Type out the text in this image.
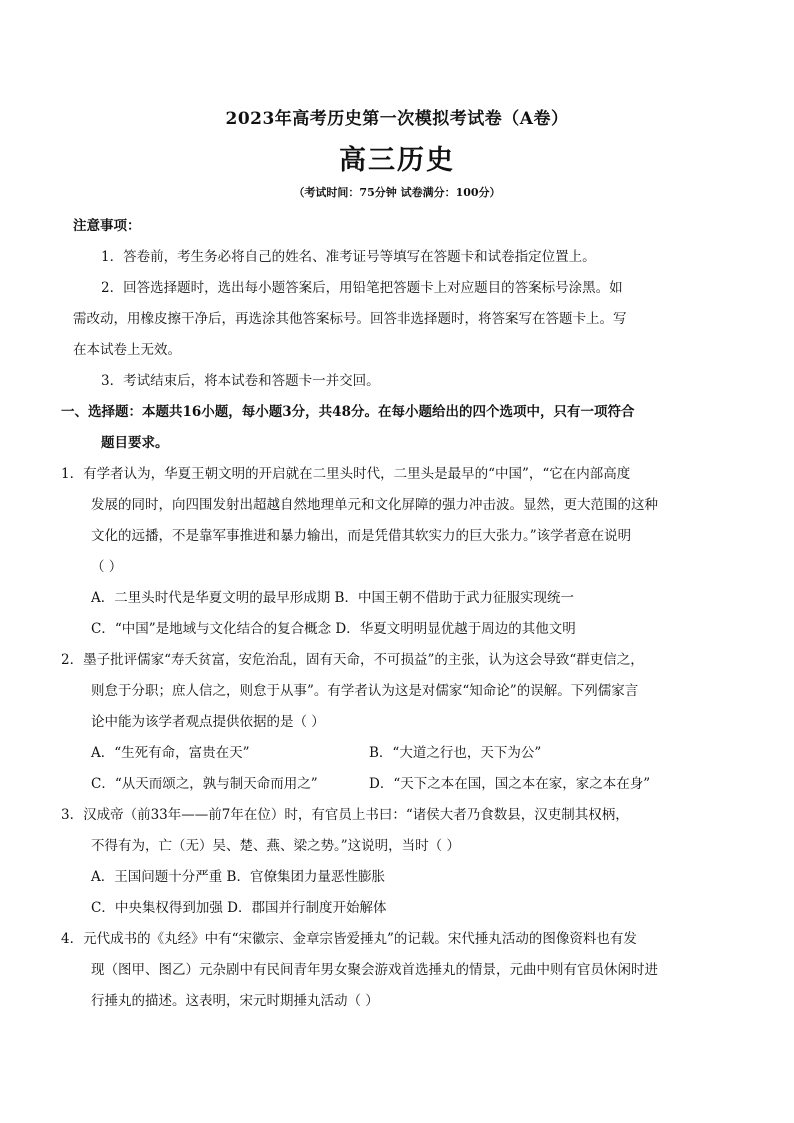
2023年高考历史第一次模拟考试卷（A卷）
高三历史
（考试时间：75分钟 试卷满分：100分）
注意事项：
1．答卷前，考生务必将自己的姓名、准考证号等填写在答题卡和试卷指定位置上。
2．回答选择题时，选出每小题答案后，用铅笔把答题卡上对应题目的答案标号涂黑。如
需改动，用橡皮擦干净后，再选涂其他答案标号。回答非选择题时，将答案写在答题卡上。写
在本试卷上无效。
3．考试结束后，将本试卷和答题卡一并交回。
一、选择题：本题共16小题，每小题3分，共48分。在每小题给出的四个选项中，只有一项符合
题目要求。
1．有学者认为，华夏王朝文明的开启就在二里头时代，二里头是最早的“中国”，“它在内部高度
发展的同时，向四围发射出超越自然地理单元和文化屏障的强力冲击波。显然，更大范围的这种
文化的远播，不是靠军事推进和暴力输出，而是凭借其软实力的巨大张力。”该学者意在说明
（ ）
A．二里头时代是华夏文明的最早形成期 B．中国王朝不借助于武力征服实现统一
C．“中国”是地域与文化结合的复合概念 D．华夏文明明显优越于周边的其他文明
2．墨子批评儒家“寿夭贫富，安危治乱，固有天命，不可损益”的主张，认为这会导致“群吏信之，
则怠于分职；庶人信之，则怠于从事”。有学者认为这是对儒家“知命论”的误解。下列儒家言
论中能为该学者观点提供依据的是（ ）
A．“生死有命，富贵在天”	B．“大道之行也，天下为公”
C．“从天而颂之，孰与制天命而用之”	D．“天下之本在国，国之本在家，家之本在身”
3．汉成帝（前33年——前7年在位）时，有官员上书曰：“诸侯大者乃食数县，汉吏制其权柄，
不得有为，亡（无）吴、楚、燕、梁之势。”这说明，当时（ ）
A．王国问题十分严重 B．官僚集团力量恶性膨胀
C．中央集权得到加强 D．郡国并行制度开始解体
4．元代成书的《丸经》中有“宋徽宗、金章宗皆爱捶丸”的记载。宋代捶丸活动的图像资料也有发
现（图甲、图乙）元杂剧中有民间青年男女聚会游戏首选捶丸的情景，元曲中则有官员休闲时进
行捶丸的描述。这表明，宋元时期捶丸活动（ ）
